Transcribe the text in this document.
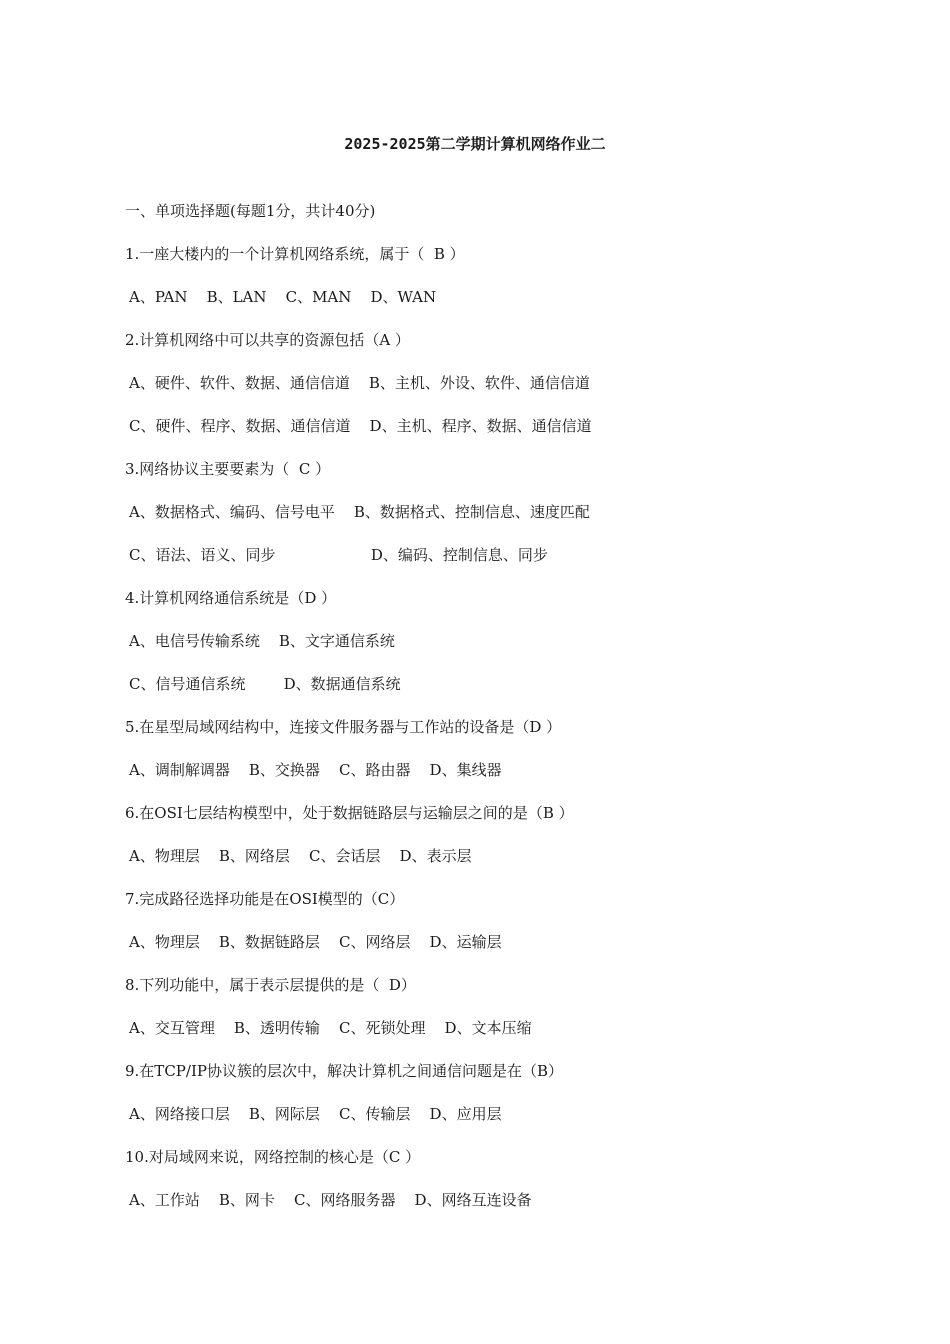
2025-2025第二学期计算机网络作业二
一、单项选择题(每题1分，共计40分)
1.一座大楼内的一个计算机网络系统，属于（  B ）
A、PAN    B、LAN    C、MAN    D、WAN
2.计算机网络中可以共享的资源包括（A ）
A、硬件、软件、数据、通信信道    B、主机、外设、软件、通信信道
C、硬件、程序、数据、通信信道    D、主机、程序、数据、通信信道
3.网络协议主要要素为（  C ）
A、数据格式、编码、信号电平    B、数据格式、控制信息、速度匹配
C、语法、语义、同步                    D、编码、控制信息、同步
4.计算机网络通信系统是（D ）
A、电信号传输系统    B、文字通信系统
C、信号通信系统        D、数据通信系统
5.在星型局域网结构中，连接文件服务器与工作站的设备是（D ）
A、调制解调器    B、交换器    C、路由器    D、集线器
6.在OSI七层结构模型中，处于数据链路层与运输层之间的是（B ）
A、物理层    B、网络层    C、会话层    D、表示层
7.完成路径选择功能是在OSI模型的（C）
A、物理层    B、数据链路层    C、网络层    D、运输层
8.下列功能中，属于表示层提供的是（  D）
A、交互管理    B、透明传输    C、死锁处理    D、文本压缩
9.在TCP/IP协议簇的层次中，解决计算机之间通信问题是在（B）
A、网络接口层    B、网际层    C、传输层    D、应用层
10.对局域网来说，网络控制的核心是（C ）
A、工作站    B、网卡    C、网络服务器    D、网络互连设备
